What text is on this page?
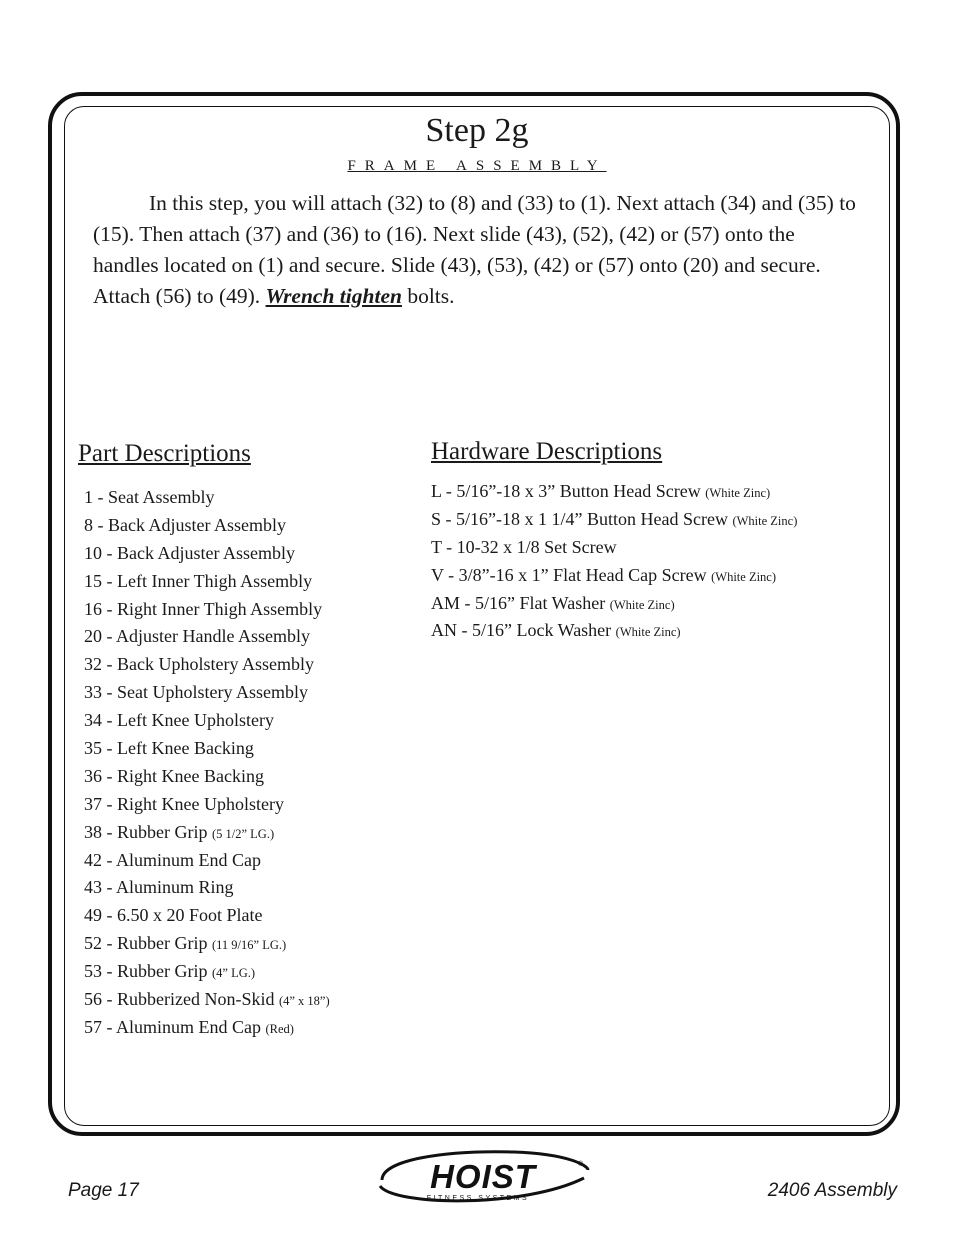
Step 2g
FRAME ASSEMBLY

In this step, you will attach (32) to (8) and (33) to (1). Next attach (34) and (35) to (15). Then attach (37) and (36) to (16). Next slide (43), (52), (42) or (57) onto the handles located on (1) and secure. Slide (43), (53), (42) or (57) onto (20) and secure. Attach (56) to (49). Wrench tighten bolts.

Part Descriptions
1 - Seat Assembly
8 - Back Adjuster Assembly
10 - Back Adjuster Assembly
15 - Left Inner Thigh Assembly
16 - Right Inner Thigh Assembly
20 - Adjuster Handle Assembly
32 - Back Upholstery Assembly
33 - Seat Upholstery Assembly
34 - Left Knee Upholstery
35 - Left Knee Backing
36 - Right Knee Backing
37 - Right Knee Upholstery
38 - Rubber Grip (5 1/2” LG.)
42 - Aluminum End Cap
43 - Aluminum Ring
49 - 6.50 x 20 Foot Plate
52 - Rubber Grip (11 9/16” LG.)
53 - Rubber Grip (4” LG.)
56 - Rubberized Non-Skid (4” x 18”)
57 - Aluminum End Cap (Red)
Hardware Descriptions
L - 5/16”-18 x 3” Button Head Screw (White Zinc)
S - 5/16”-18 x 1 1/4” Button Head Screw (White Zinc)
T - 10-32 x 1/8 Set Screw
V - 3/8”-16 x 1” Flat Head Cap Screw (White Zinc)
AM - 5/16” Flat Washer (White Zinc)
AN - 5/16” Lock Washer (White Zinc)
Page 17	2406 Assembly
HOIST
FITNESS SYSTEMS
®
